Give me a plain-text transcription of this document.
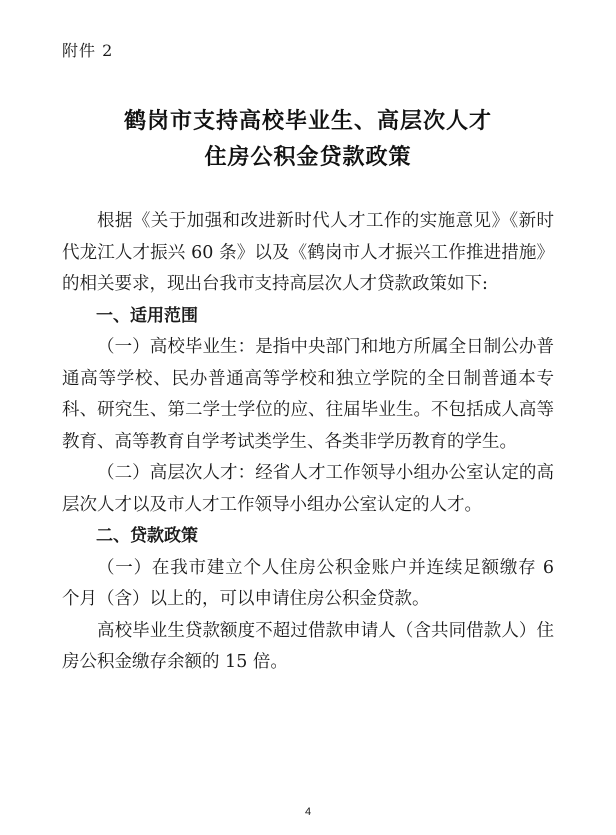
附件 2
鹤岗市支持高校毕业生、高层次人才
住房公积金贷款政策

根据《关于加强和改进新时代人才工作的实施意见》《新时代龙江人才振兴 60 条》以及《鹤岗市人才振兴工作推进措施》的相关要求，现出台我市支持高层次人才贷款政策如下:

一、适用范围

（一）高校毕业生：是指中央部门和地方所属全日制公办普通高等学校、民办普通高等学校和独立学院的全日制普通本专科、研究生、第二学士学位的应、往届毕业生。不包括成人高等教育、高等教育自学考试类学生、各类非学历教育的学生。

（二）高层次人才：经省人才工作领导小组办公室认定的高层次人才以及市人才工作领导小组办公室认定的人才。

二、贷款政策

（一）在我市建立个人住房公积金账户并连续足额缴存 6 个月（含）以上的，可以申请住房公积金贷款。

高校毕业生贷款额度不超过借款申请人（含共同借款人）住房公积金缴存余额的 15 倍。

4
